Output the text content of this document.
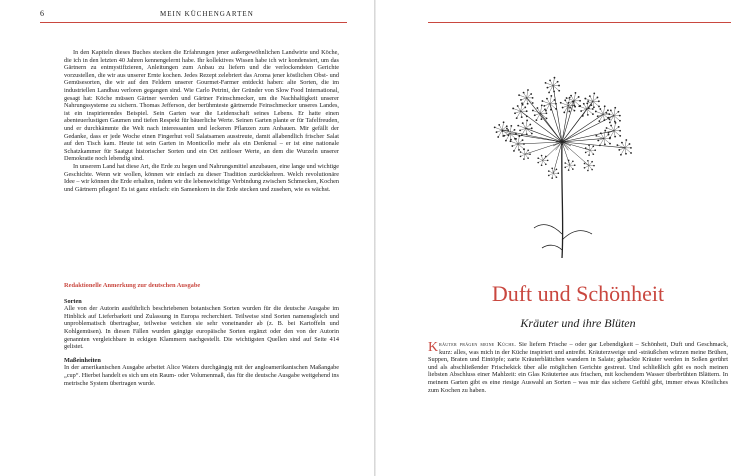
6	MEIN KÜCHENGARTEN

In den Kapiteln dieses Buches stecken die Erfahrungen jener außergewöhnlichen Landwirte und Köche, die ich in den letzten 40 Jahren kennengelernt habe. Ihr kollektives Wissen habe ich wir kondensiert, um das Gärtnern zu entmystifizieren, Anleitungen zum Anbau zu liefern und die verlockendsten Gerichte vorzustellen, die wir aus unserer Ernte kochen. Jedes Rezept zelebriert das Aroma jener köstlichen Obst- und Gemüsesorten, die wir auf den Feldern unserer Gourmet-Farmer entdeckt haben: alte Sorten, die im industriellen Landbau verloren gegangen sind. Wie Carlo Petrini, der Gründer von Slow Food International, gesagt hat: Köche müssen Gärtner werden und Gärtner Feinschmecker, um die Nachhaltigkeit unserer Nahrungssysteme zu sichern. Thomas Jefferson, der berühmteste gärtnernde Feinschmecker unseres Landes, ist ein inspirierendes Beispiel. Sein Garten war die Leidenschaft seines Lebens. Er hatte einen abenteuerlustigen Gaumen und tiefen Respekt für bäuerliche Werte. Seinen Garten plante er für Tafelfreuden, und er durchkämmte die Welt nach interessanten und leckeren Pflanzen zum Anbauen. Mir gefällt der Gedanke, dass er jede Woche einen Fingerhut voll Salatsamen ausstreute, damit allabendlich frischer Salat auf den Tisch kam. Heute ist sein Garten in Monticello mehr als ein Denkmal – er ist eine nationale Schatzkammer für Saatgut historischer Sorten und ein Ort zeitloser Werte, an dem die Wurzeln unserer Demokratie noch lebendig sind.

In unserem Land hat diese Art, die Erde zu hegen und Nahrungsmittel anzubauen, eine lange und wichtige Geschichte. Wenn wir wollen, können wir einfach zu dieser Tradition zurückkehren. Welch revolutionäre Idee – wir können die Erde erhalten, indem wir die lebenswichtige Verbindung zwischen Schmecken, Kochen und Gärtnern pflegen! Es ist ganz einfach: ein Samenkorn in die Erde stecken und zusehen, wie es wächst.

Redaktionelle Anmerkung zur deutschen Ausgabe
Sorten

Alle von der Autorin ausführlich beschriebenen botanischen Sorten wurden für die deutsche Ausgabe im Hinblick auf Lieferbarkeit und Zulassung in Europa recherchiert. Teilweise sind Sorten namensgleich und unproblematisch übertragbar, teilweise weichen sie sehr voneinander ab (z. B. bei Kartoffeln und Kohlgemüsen). In diesen Fällen wurden gängige europäische Sorten ergänzt oder den von der Autorin genannten vergleichbare in eckigen Klammern nachgestellt. Die wichtigsten Quellen sind auf Seite 414 gelistet.

Maßeinheiten

In der amerikanischen Ausgabe arbeitet Alice Waters durchgängig mit der angloamerikanischen Maßangabe „cup“. Hierbei handelt es sich um ein Raum- oder Volumenmaß, das für die deutsche Ausgabe weitgehend ins metrische System übertragen wurde.

Duft und Schönheit
Kräuter und ihre Blüten
Kräuter prägen meine Küche. Sie liefern Frische – oder gar Lebendigkeit – Schönheit, Duft und Geschmack, kurz: alles, was mich in der Küche inspiriert und antreibt. Kräuterzweige und -sträußchen würzen meine Brühen, Suppen, Braten und Eintöpfe; zarte Kräuterblättchen wandern in Salate; gehackte Kräuter werden in Soßen gerührt und als abschließender Frischekick über alle möglichen Gerichte gestreut. Und schließlich gibt es noch meinen liebsten Abschluss einer Mahlzeit: ein Glas Kräutertee aus frischen, mit kochendem Wasser überbrühten Blättern. In meinem Garten gibt es eine riesige Auswahl an Sorten – was mir das sichere Gefühl gibt, immer etwas Köstliches zum Kochen zu haben.
